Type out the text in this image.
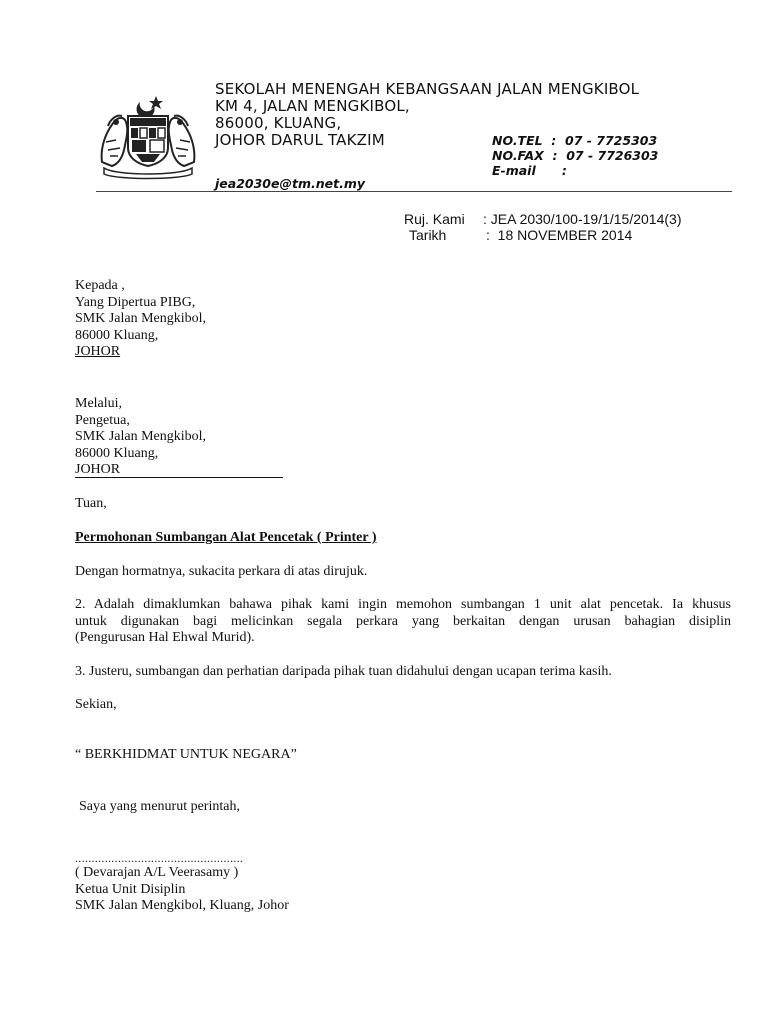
SEKOLAH MENENGAH KEBANGSAAN JALAN MENGKIBOL
KM 4, JALAN MENGKIBOL,
86000, KLUANG,
JOHOR DARUL TAKZIM	NO.TEL  :  07 - 7725303
NO.FAX  :  07 - 7726303
E-mail      :
jea2030e@tm.net.my
Ruj. Kami : JEA 2030/100-19/1/15/2014(3)
Tarikh	:  18 NOVEMBER 2014
Kepada ,
Yang Dipertua PIBG,
SMK Jalan Mengkibol,
86000 Kluang,
JOHOR
Melalui,
Pengetua,
SMK Jalan Mengkibol,
86000 Kluang,
JOHOR
Tuan,
Permohonan Sumbangan Alat Pencetak ( Printer )
Dengan hormatnya, sukacita perkara di atas dirujuk.
2. Adalah dimaklumkan bahawa pihak kami ingin memohon sumbangan 1 unit alat pencetak. Ia khusus
untuk digunakan bagi melicinkan segala perkara yang berkaitan dengan urusan bahagian disiplin
(Pengurusan Hal Ehwal Murid).
3. Justeru, sumbangan dan perhatian daripada pihak tuan didahului dengan ucapan terima kasih.
Sekian,
“ BERKHIDMAT UNTUK NEGARA”
Saya yang menurut perintah,
...................................................
( Devarajan A/L Veerasamy )
Ketua Unit Disiplin
SMK Jalan Mengkibol, Kluang, Johor
